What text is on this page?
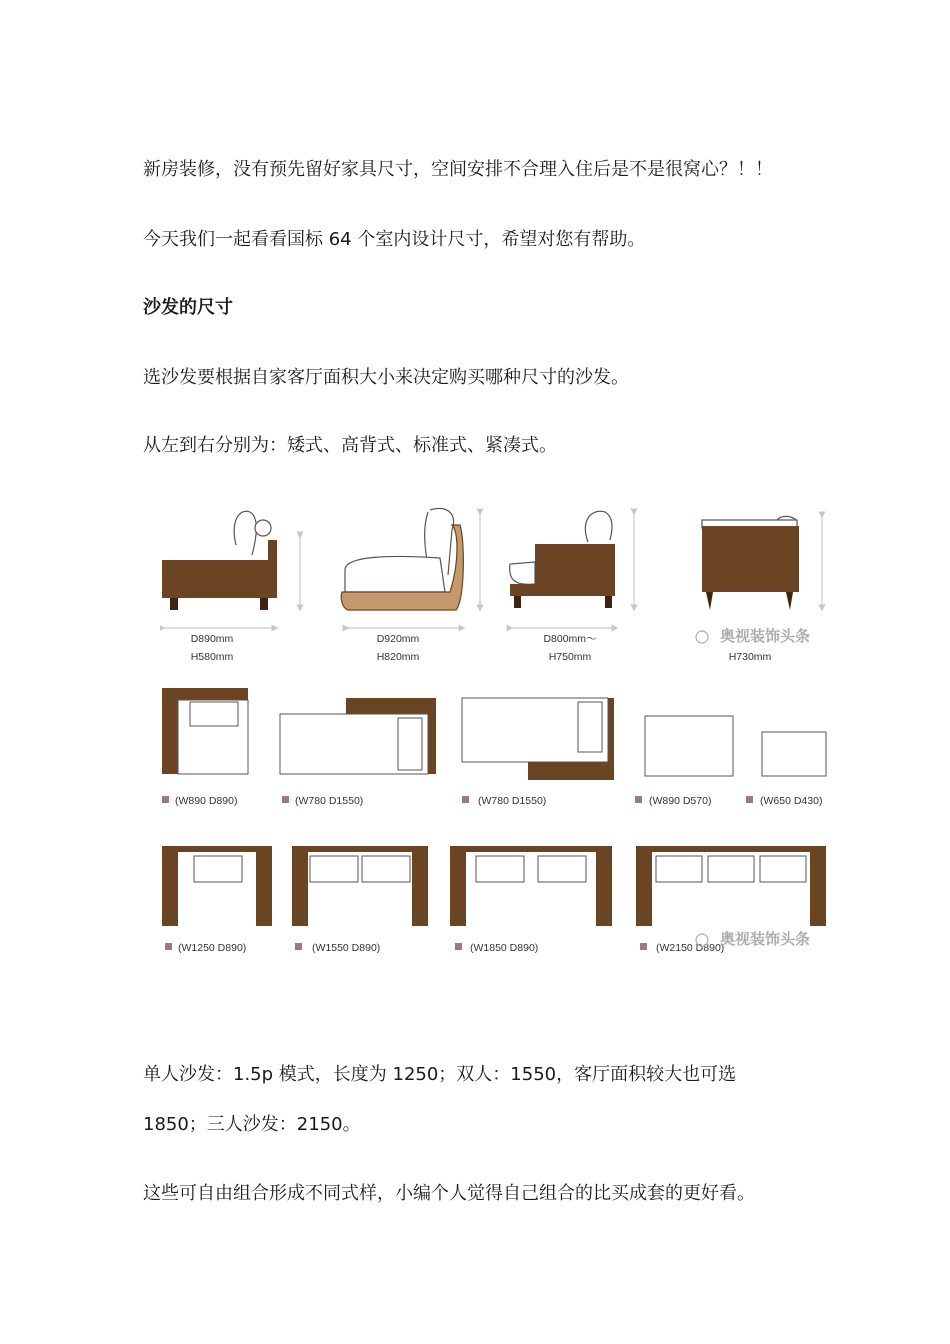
新房装修，没有预先留好家具尺寸，空间安排不合理入住后是不是很窝心？！！
今天我们一起看看国标 64 个室内设计尺寸，希望对您有帮助。
沙发的尺寸
选沙发要根据自家客厅面积大小来决定购买哪种尺寸的沙发。
从左到右分别为：矮式、高背式、标准式、紧凑式。
D890mm
H580mm
D920mm
H820mm
D800mm～
H750mm	H730mm
奥视装饰头条
(W890 D890)	(W780 D1550)	(W780 D1550)	(W890 D570)	(W650 D430)
(W1250 D890)	(W1550 D890)	(W1850 D890)	(W2150 D890)
奥视装饰头条
单人沙发：1.5p 模式，长度为 1250；双人：1550，客厅面积较大也可选
1850；三人沙发：2150。
这些可自由组合形成不同式样，小编个人觉得自己组合的比买成套的更好看。
